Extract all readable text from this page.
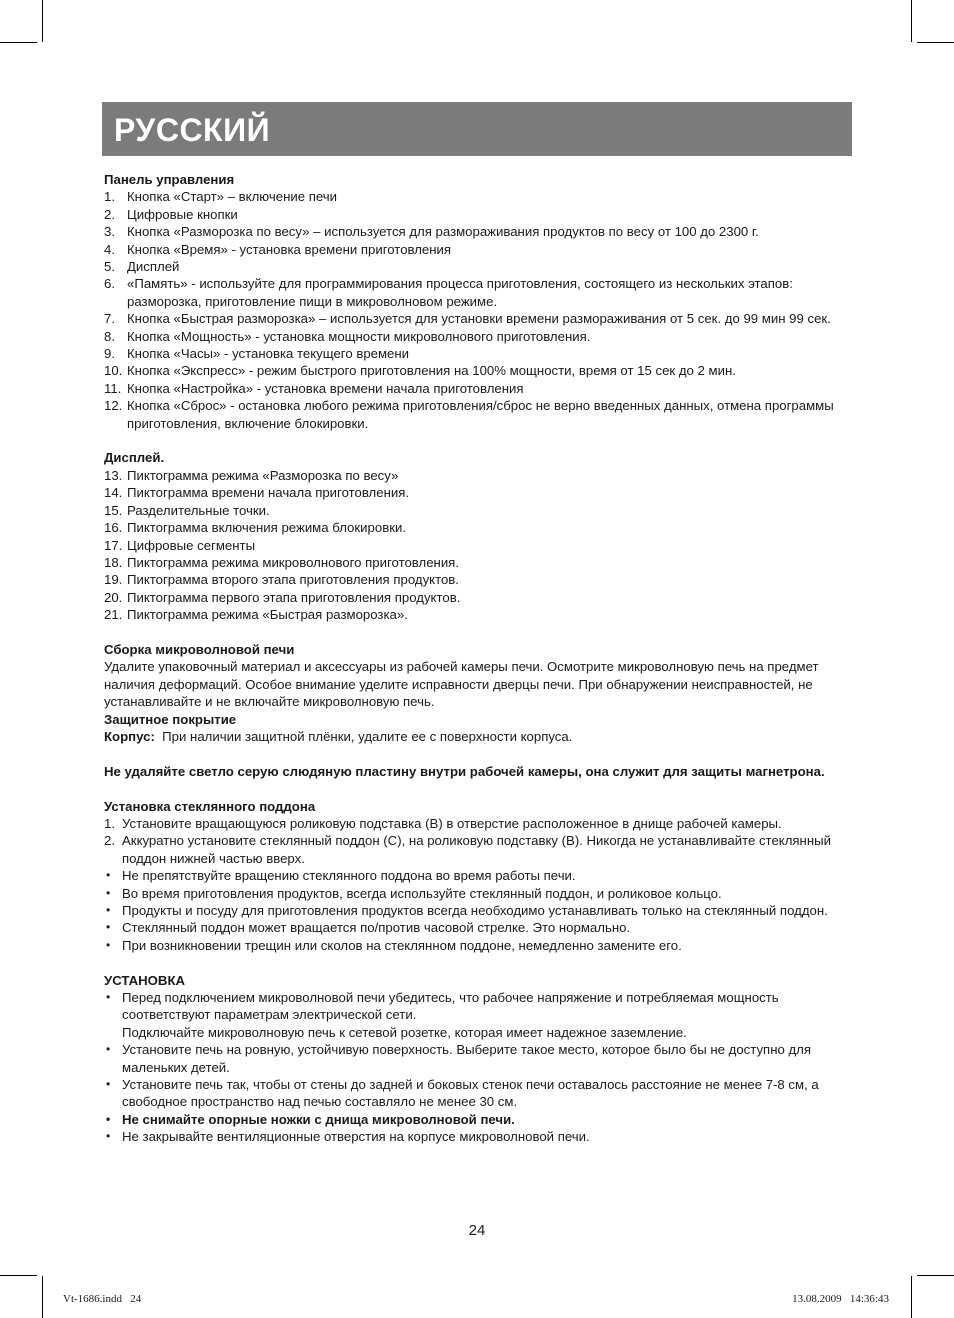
РУССКИЙ
Панель управления
1. Кнопка «Старт» – включение печи
2. Цифровые кнопки
3. Кнопка «Разморозка по весу» – используется для размораживания продуктов по весу от 100 до 2300 г.
4. Кнопка «Время» - установка времени приготовления
5. Дисплей
6. «Память» - используйте для программирования процесса приготовления, состоящего из нескольких этапов: разморозка, приготовление пищи в микроволновом режиме.
7. Кнопка «Быстрая разморозка» – используется для установки времени размораживания от 5 сек. до 99 мин 99 сек.
8. Кнопка «Мощность» - установка мощности микроволнового приготовления.
9. Кнопка «Часы» - установка текущего времени
10. Кнопка «Экспресс» - режим быстрого приготовления на 100% мощности, время от 15 сек до 2 мин.
11. Кнопка «Настройка» - установка времени начала приготовления
12. Кнопка «Сброс» - остановка любого режима приготовления/сброс не верно введенных данных, отмена программы приготовления, включение блокировки.
Дисплей.
13. Пиктограмма режима «Разморозка по весу»
14. Пиктограмма времени начала приготовления.
15. Разделительные точки.
16. Пиктограмма включения режима блокировки.
17. Цифровые сегменты
18. Пиктограмма режима микроволнового приготовления.
19. Пиктограмма второго этапа приготовления продуктов.
20. Пиктограмма первого этапа приготовления продуктов.
21. Пиктограмма режима «Быстрая разморозка».
Сборка микроволновой печи
Удалите упаковочный материал и аксессуары из рабочей камеры печи. Осмотрите микроволновую печь на предмет наличия деформаций. Особое внимание уделите исправности дверцы печи. При обнаружении неисправностей, не устанавливайте и не включайте микроволновую печь.
Защитное покрытие
Корпус:  При наличии защитной плёнки, удалите ее с поверхности корпуса.
Не удаляйте светло серую слюдяную пластину внутри рабочей камеры, она служит для защиты магнетрона.
Установка стеклянного поддона
1. Установите вращающуюся роликовую подставка (В) в отверстие расположенное в днище рабочей камеры.
2. Аккуратно установите стеклянный поддон (С), на роликовую подставку (В). Никогда не устанавливайте стеклянный поддон нижней частью вверх.
• Не препятствуйте вращению стеклянного поддона во время работы печи.
• Во время приготовления продуктов, всегда используйте стеклянный поддон, и роликовое кольцо.
• Продукты и посуду для приготовления продуктов всегда необходимо устанавливать только на стеклянный поддон.
• Стеклянный поддон может вращается по/против часовой стрелке. Это нормально.
• При возникновении трещин или сколов на стеклянном поддоне, немедленно замените его.
УСТАНОВКА
• Перед подключением микроволновой печи убедитесь, что рабочее напряжение и потребляемая мощность соответствуют параметрам электрической сети.
Подключайте микроволновую печь к сетевой розетке, которая имеет надежное заземление.
• Установите печь на ровную, устойчивую поверхность. Выберите такое место, которое было бы не доступно для маленьких детей.
• Установите печь так, чтобы от стены до задней и боковых стенок печи оставалось расстояние не менее 7-8 см, а свободное пространство над печью составляло не менее 30 см.
• Не снимайте опорные ножки с днища микроволновой печи.
• Не закрывайте вентиляционные отверстия на корпусе микроволновой печи.
24
Vt-1686.indd   24	13.08.2009   14:36:43
